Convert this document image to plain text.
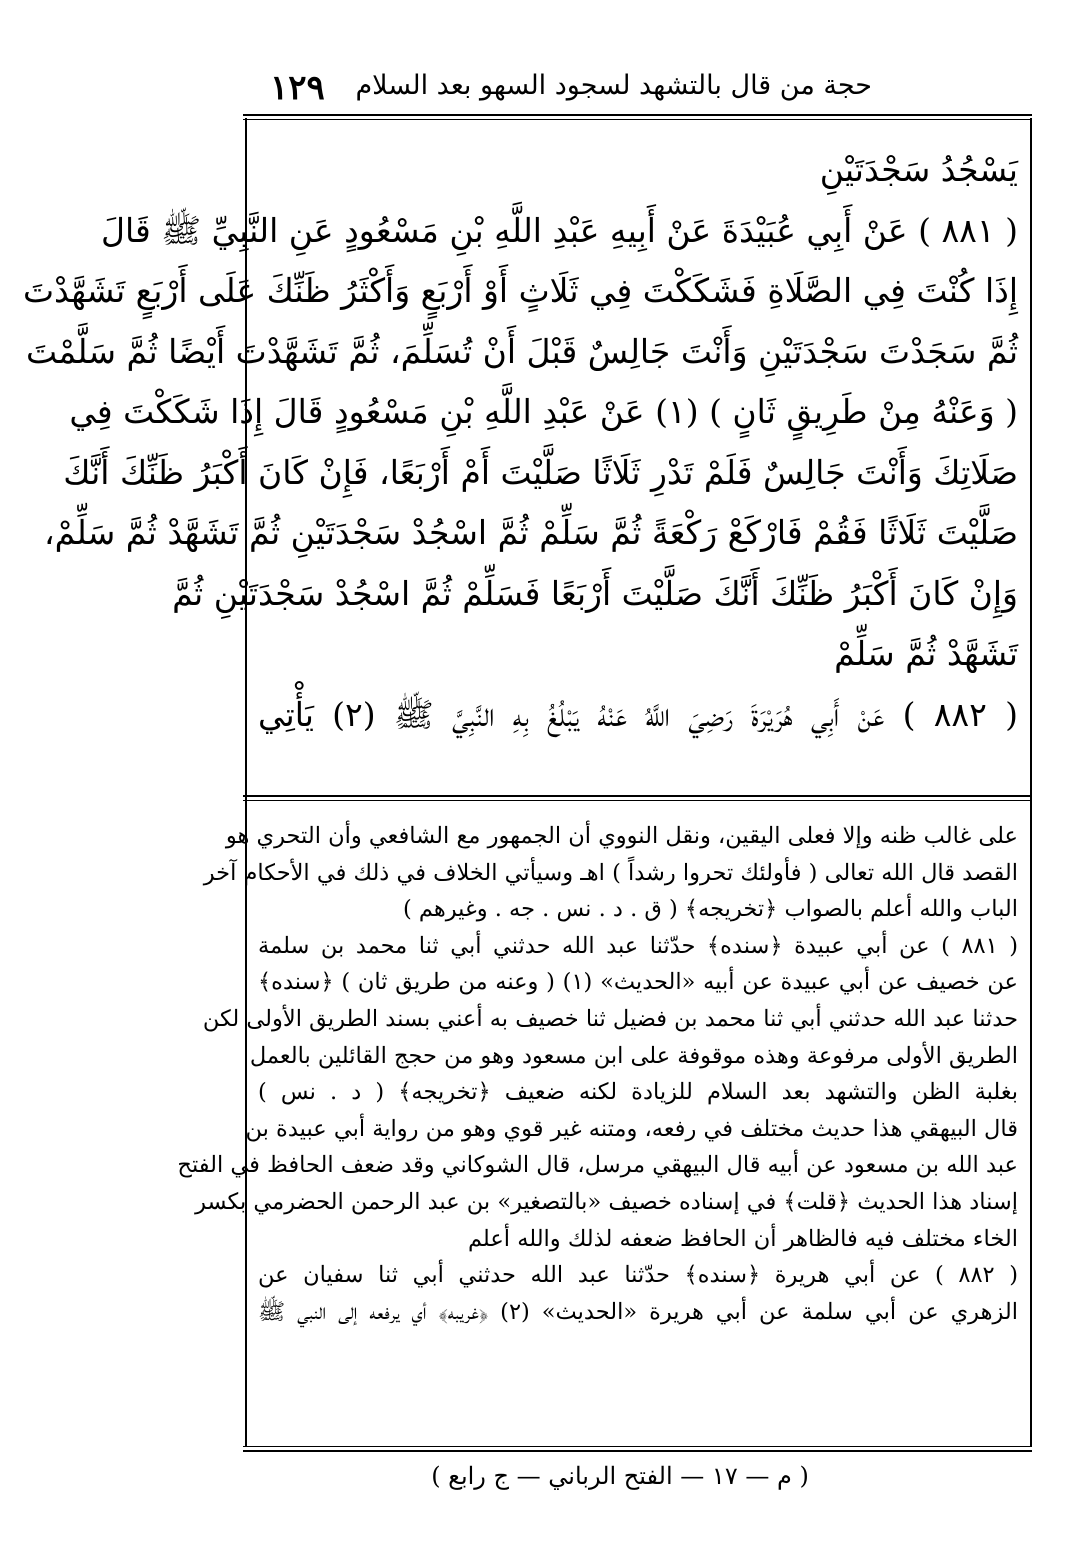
حجة من قال بالتشهد لسجود السهو بعد السلام
١٢٩
يَسْجُدُ سَجْدَتَيْنِ
( ٨٨١ ) عَنْ أَبِي عُبَيْدَةَ عَنْ أَبِيهِ عَبْدِ اللَّهِ بْنِ مَسْعُودٍ عَنِ النَّبِيِّ ﷺ قَالَ
إِذَا كُنْتَ فِي الصَّلَاةِ فَشَكَكْتَ فِي ثَلَاثٍ أَوْ أَرْبَعٍ وَأَكْثَرُ ظَنِّكَ عَلَى أَرْبَعٍ تَشَهَّدْتَ
ثُمَّ سَجَدْتَ سَجْدَتَيْنِ وَأَنْتَ جَالِسٌ قَبْلَ أَنْ تُسَلِّمَ، ثُمَّ تَشَهَّدْتَ أَيْضًا ثُمَّ سَلَّمْتَ
( وَعَنْهُ مِنْ طَرِيقٍ ثَانٍ ) (١) عَنْ عَبْدِ اللَّهِ بْنِ مَسْعُودٍ قَالَ إِذَا شَكَكْتَ فِي
صَلَاتِكَ وَأَنْتَ جَالِسٌ فَلَمْ تَدْرِ ثَلَاثًا صَلَّيْتَ أَمْ أَرْبَعًا، فَإِنْ كَانَ أَكْبَرُ ظَنِّكَ أَنَّكَ
صَلَّيْتَ ثَلَاثًا فَقُمْ فَارْكَعْ رَكْعَةً ثُمَّ سَلِّمْ ثُمَّ اسْجُدْ سَجْدَتَيْنِ ثُمَّ تَشَهَّدْ ثُمَّ سَلِّمْ،
وَإِنْ كَانَ أَكْبَرُ ظَنِّكَ أَنَّكَ صَلَّيْتَ أَرْبَعًا فَسَلِّمْ ثُمَّ اسْجُدْ سَجْدَتَيْنِ ثُمَّ
تَشَهَّدْ ثُمَّ سَلِّمْ
( ٨٨٢ ) عَنْ أَبِي هُرَيْرَةَ رَضِيَ اللَّهُ عَنْهُ يَبْلُغُ بِهِ النَّبِيَّ ﷺ (٢) يَأْتِي
على غالب ظنه وإلا فعلى اليقين، ونقل النووي أن الجمهور مع الشافعي وأن التحري هو
القصد قال الله تعالى ( فأولئك تحروا رشداً ) اهـ وسيأتي الخلاف في ذلك في الأحكام آخر
الباب والله أعلم بالصواب ﴿تخريجه﴾ ( ق . د . نس . جه . وغيرهم )
( ٨٨١ ) عن أبي عبيدة ﴿سنده﴾ حدّثنا عبد الله حدثني أبي ثنا محمد بن سلمة
عن خصيف عن أبي عبيدة عن أبيه «الحديث» (١) ( وعنه من طريق ثان ) ﴿سنده﴾
حدثنا عبد الله حدثني أبي ثنا محمد بن فضيل ثنا خصيف به أعني بسند الطريق الأولى لكن
الطريق الأولى مرفوعة وهذه موقوفة على ابن مسعود وهو من حجج القائلين بالعمل
بغلبة الظن والتشهد بعد السلام للزيادة لكنه ضعيف ﴿تخريجه﴾ ( د . نس )
قال البيهقي هذا حديث مختلف في رفعه، ومتنه غير قوي وهو من رواية أبي عبيدة بن
عبد الله بن مسعود عن أبيه قال البيهقي مرسل، قال الشوكاني وقد ضعف الحافظ في الفتح
إسناد هذا الحديث ﴿قلت﴾ في إسناده خصيف «بالتصغير» بن عبد الرحمن الحضرمي بكسر
الخاء مختلف فيه فالظاهر أن الحافظ ضعفه لذلك والله أعلم
( ٨٨٢ ) عن أبي هريرة ﴿سنده﴾ حدّثنا عبد الله حدثني أبي ثنا سفيان عن
الزهري عن أبي سلمة عن أبي هريرة «الحديث» (٢) ﴿غريبه﴾ أي يرفعه إلى النبي ﷺ
( م — ١٧ — الفتح الرباني — ج رابع )
